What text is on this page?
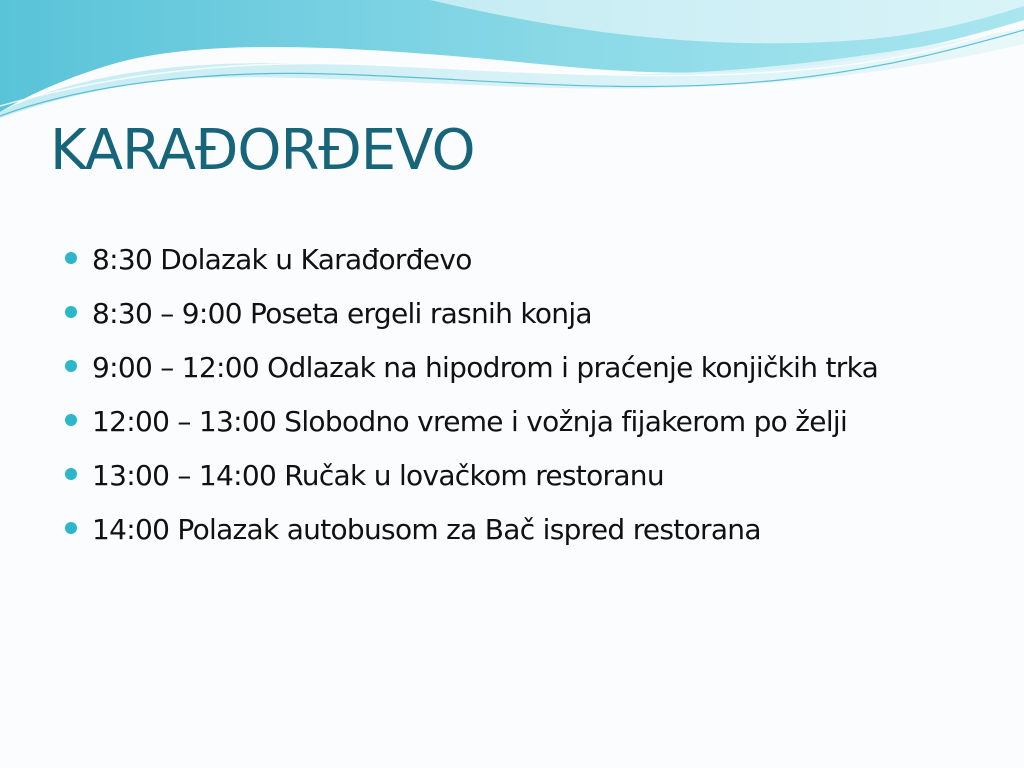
KARAĐORĐEVO
8:30 Dolazak u Karađorđevo
8:30 – 9:00 Poseta ergeli rasnih konja
9:00 – 12:00 Odlazak na hipodrom i praćenje konjičkih trka
12:00 – 13:00 Slobodno vreme i vožnja fijakerom po želji
13:00 – 14:00 Ručak u lovačkom restoranu
14:00 Polazak autobusom za Bač ispred restorana
